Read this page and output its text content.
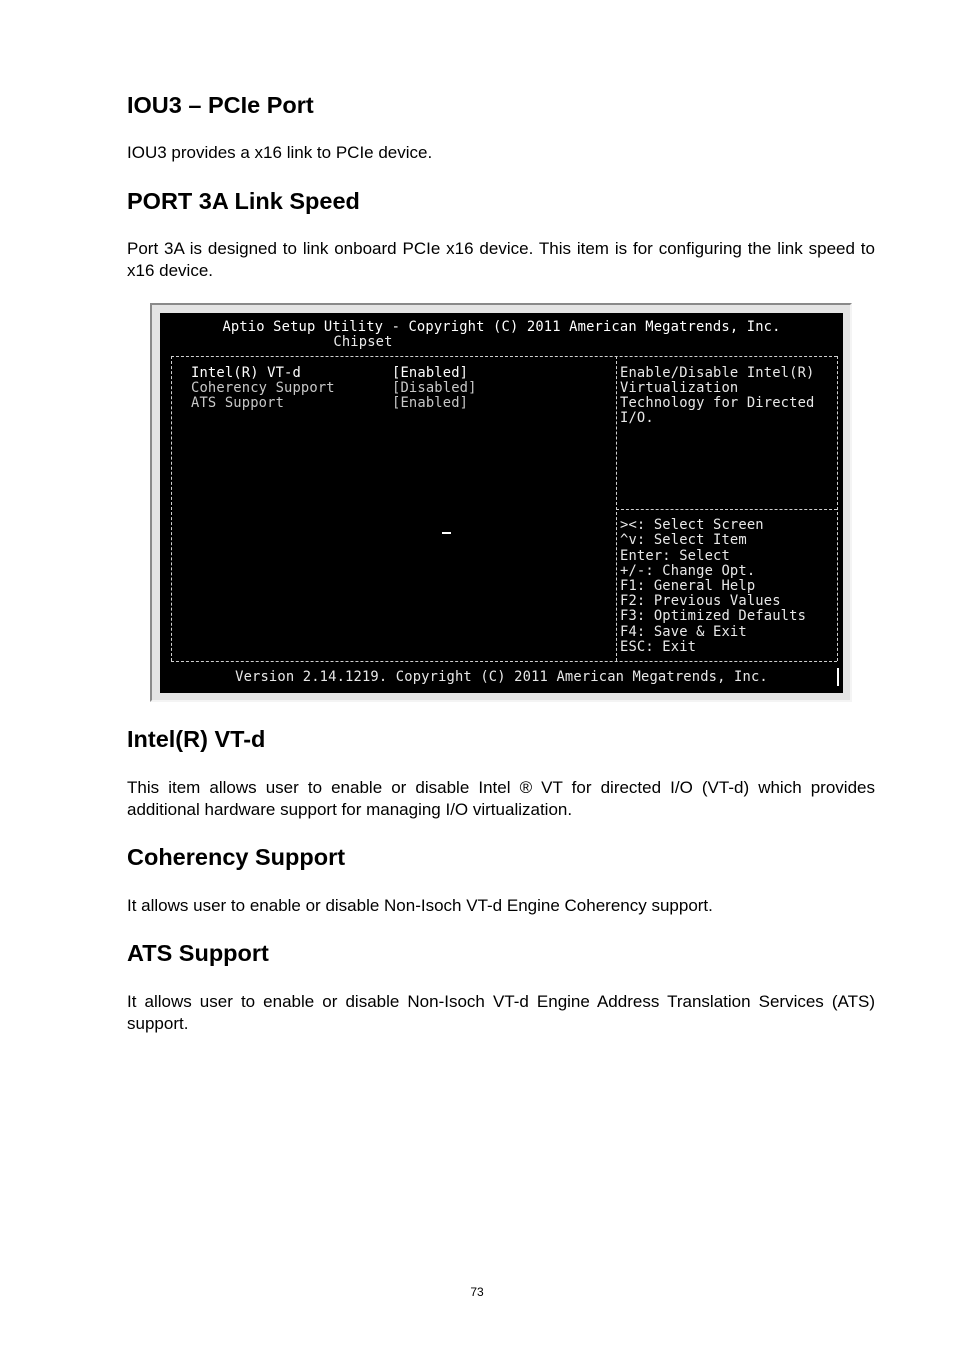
IOU3 – PCIe Port

IOU3 provides a x16 link to PCIe device.

PORT 3A Link Speed

Port 3A is designed to link onboard PCIe x16 device. This item is for configuring the link speed to x16 device.

Aptio Setup Utility - Copyright (C) 2011 American Megatrends, Inc.
Chipset
Intel(R) VT-d	[Enabled]
Coherency Support	[Disabled]
ATS Support	[Enabled]
Enable/Disable Intel(R)
Virtualization
Technology for Directed
I/O.
><: Select Screen
^v: Select Item
Enter: Select
+/-: Change Opt.
F1: General Help
F2: Previous Values
F3: Optimized Defaults
F4: Save & Exit
ESC: Exit
Version 2.14.1219. Copyright (C) 2011 American Megatrends, Inc.
Intel(R) VT-d

This item allows user to enable or disable Intel ® VT for directed I/O (VT-d) which provides additional hardware support for managing I/O virtualization.

Coherency Support

It allows user to enable or disable Non-Isoch VT-d Engine Coherency support.

ATS Support

It allows user to enable or disable Non-Isoch VT-d Engine Address Translation Services (ATS) support.

73
